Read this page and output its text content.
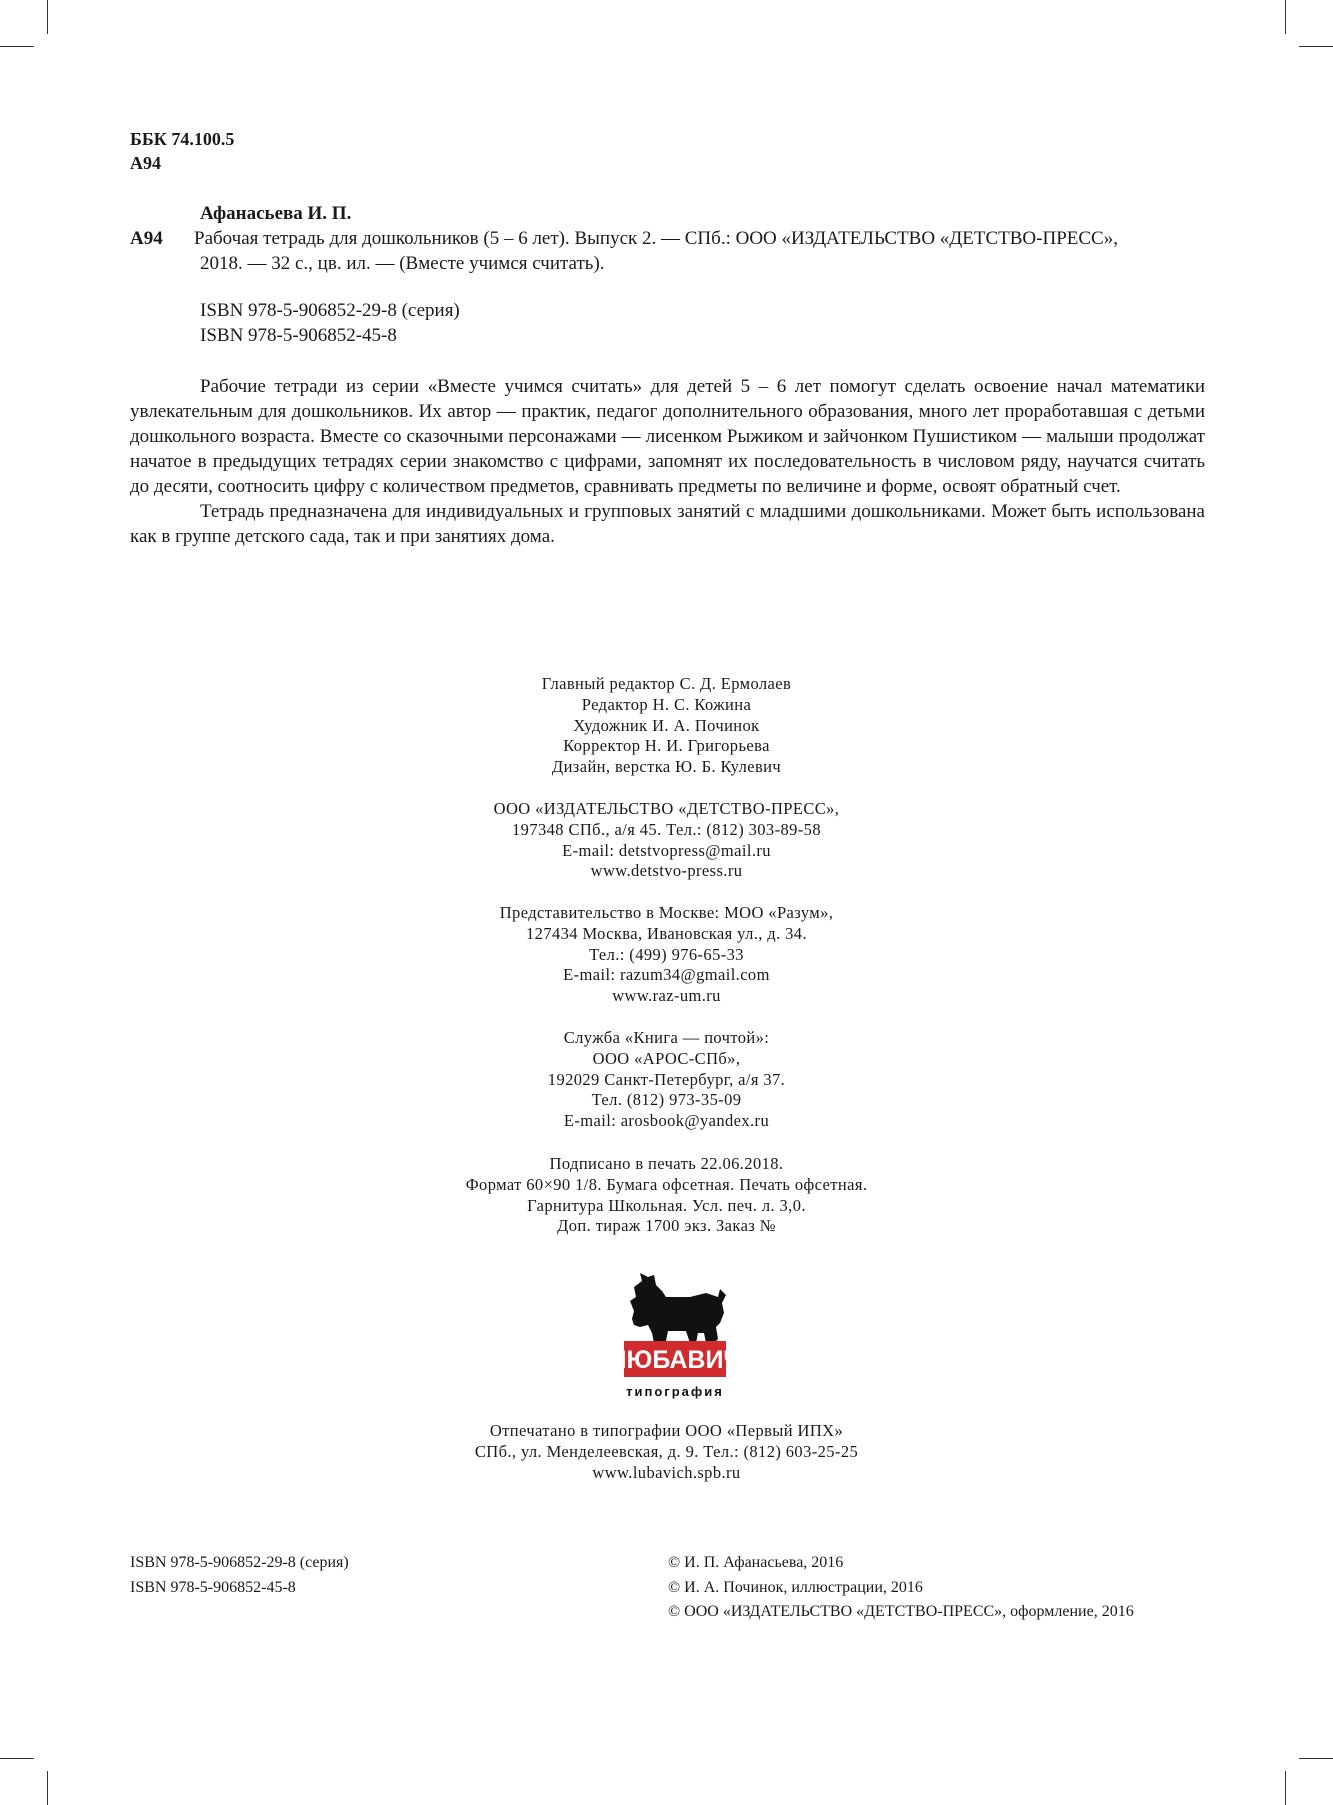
ББК 74.100.5
А94
Афанасьева И. П.
А94	Рабочая тетрадь для дошкольников (5 – 6 лет). Выпуск 2. — СПб.: ООО «ИЗДАТЕЛЬСТВО «ДЕТСТВО-ПРЕСС»,
2018. — 32 с., цв. ил. — (Вместе учимся считать).
ISBN 978-5-906852-29-8 (серия)
ISBN 978-5-906852-45-8

Рабочие тетради из серии «Вместе учимся считать» для детей 5 – 6 лет помогут сделать освоение начал математики увлекательным для дошкольников. Их автор — практик, педагог дополнительного образования, много лет проработавшая с детьми дошкольного возраста. Вместе со сказочными персонажами — лисенком Рыжиком и зайчонком Пушистиком — малыши продолжат начатое в предыдущих тетрадях серии знакомство с цифрами, запомнят их последовательность в числовом ряду, научатся считать до десяти, соотносить цифру с количеством предметов, сравнивать предметы по величине и форме, освоят обратный счет.

Тетрадь предназначена для индивидуальных и групповых занятий с младшими дошкольниками. Может быть использована как в группе детского сада, так и при занятиях дома.

Главный редактор С. Д. Ермолаев
Редактор Н. С. Кожина
Художник И. А. Починок
Корректор Н. И. Григорьева
Дизайн, верстка Ю. Б. Кулевич
ООО «ИЗДАТЕЛЬСТВО «ДЕТСТВО-ПРЕСС»,
197348 СПб., а/я 45. Тел.: (812) 303-89-58
E-mail: detstvopress@mail.ru
www.detstvo-press.ru
Представительство в Москве: МОО «Разум»,
127434 Москва, Ивановская ул., д. 34.
Тел.: (499) 976-65-33
E-mail: razum34@gmail.com
www.raz-um.ru
Служба «Книга — почтой»:
ООО «АРОС-СПб»,
192029 Санкт-Петербург, а/я 37.
Тел. (812) 973-35-09
E-mail: arosbook@yandex.ru
Подписано в печать 22.06.2018.
Формат 60×90 1/8. Бумага офсетная. Печать офсетная.
Гарнитура Школьная. Усл. печ. л. 3,0.
Доп. тираж 1700 экз. Заказ №
ЛЮБАВИЧ
типография
Отпечатано в типографии ООО «Первый ИПХ»
СПб., ул. Менделеевская, д. 9. Тел.: (812) 603-25-25
www.lubavich.spb.ru
ISBN 978-5-906852-29-8 (серия)
ISBN 978-5-906852-45-8
© И. П. Афанасьева, 2016
© И. А. Починок, иллюстрации, 2016
© ООО «ИЗДАТЕЛЬСТВО «ДЕТСТВО-ПРЕСС», оформление, 2016
